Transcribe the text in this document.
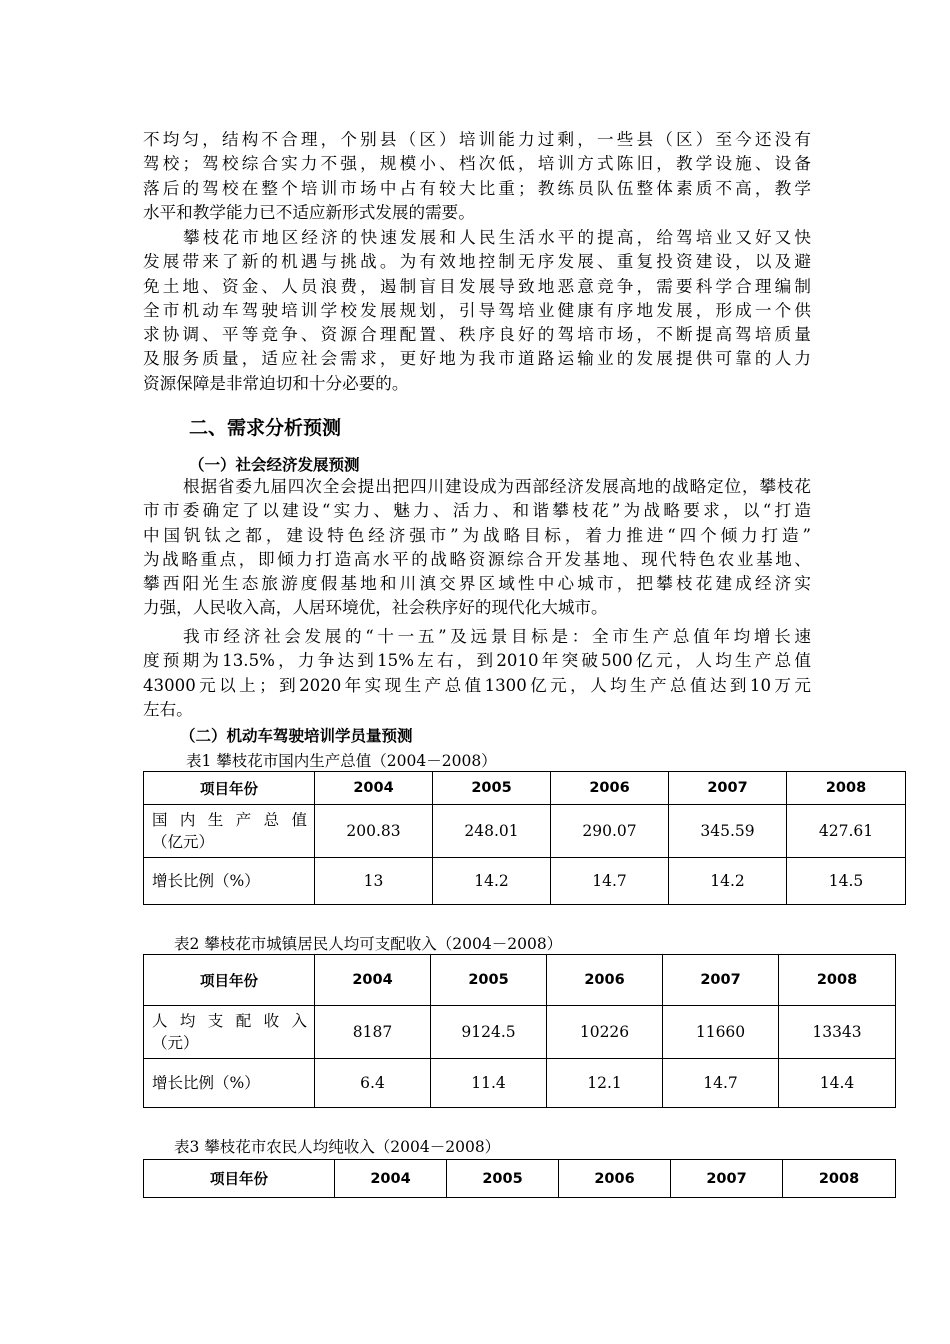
不均匀，结构不合理，个别县（区）培训能力过剩，一些县（区）至今还没有
驾校；驾校综合实力不强，规模小、档次低，培训方式陈旧，教学设施、设备
落后的驾校在整个培训市场中占有较大比重；教练员队伍整体素质不高，教学
水平和教学能力已不适应新形式发展的需要。

攀枝花市地区经济的快速发展和人民生活水平的提高，给驾培业又好又快
发展带来了新的机遇与挑战。为有效地控制无序发展、重复投资建设，以及避
免土地、资金、人员浪费，遏制盲目发展导致地恶意竞争，需要科学合理编制
全市机动车驾驶培训学校发展规划，引导驾培业健康有序地发展，形成一个供
求协调、平等竞争、资源合理配置、秩序良好的驾培市场，不断提高驾培质量
及服务质量，适应社会需求，更好地为我市道路运输业的发展提供可靠的人力
资源保障是非常迫切和十分必要的。

二、需求分析预测
（一）社会经济发展预测

根据省委九届四次全会提出把四川建设成为西部经济发展高地的战略定位，攀枝花
市市委确定了以建设“实力、魅力、活力、和谐攀枝花”为战略要求，以“打造
中国钒钛之都，建设特色经济强市”为战略目标，着力推进“四个倾力打造”
为战略重点，即倾力打造高水平的战略资源综合开发基地、现代特色农业基地、
攀西阳光生态旅游度假基地和川滇交界区域性中心城市，把攀枝花建成经济实
力强，人民收入高，人居环境优，社会秩序好的现代化大城市。

我市经济社会发展的“十一五”及远景目标是：全市生产总值年均增长速
度预期为13.5%，力争达到15%左右，到2010年突破500亿元，人均生产总值
43000元以上；到2020年实现生产总值1300亿元，人均生产总值达到10万元
左右。

（二）机动车驾驶培训学员量预测

表1 攀枝花市国内生产总值（2004－2008）

项目年份	2004	2005	2006	2007	2008

国内生产总值
（亿元）	200.83	248.01	290.07	345.59	427.61
增长比例（%）	13	14.2	14.7	14.2	14.5

表2 攀枝花市城镇居民人均可支配收入（2004－2008）

项目年份	2004	2005	2006	2007	2008

人均支配收入
（元）	8187	9124.5	10226	11660	13343
增长比例（%）	6.4	11.4	12.1	14.7	14.4

表3 攀枝花市农民人均纯收入（2004－2008）

项目年份	2004	2005	2006	2007	2008
